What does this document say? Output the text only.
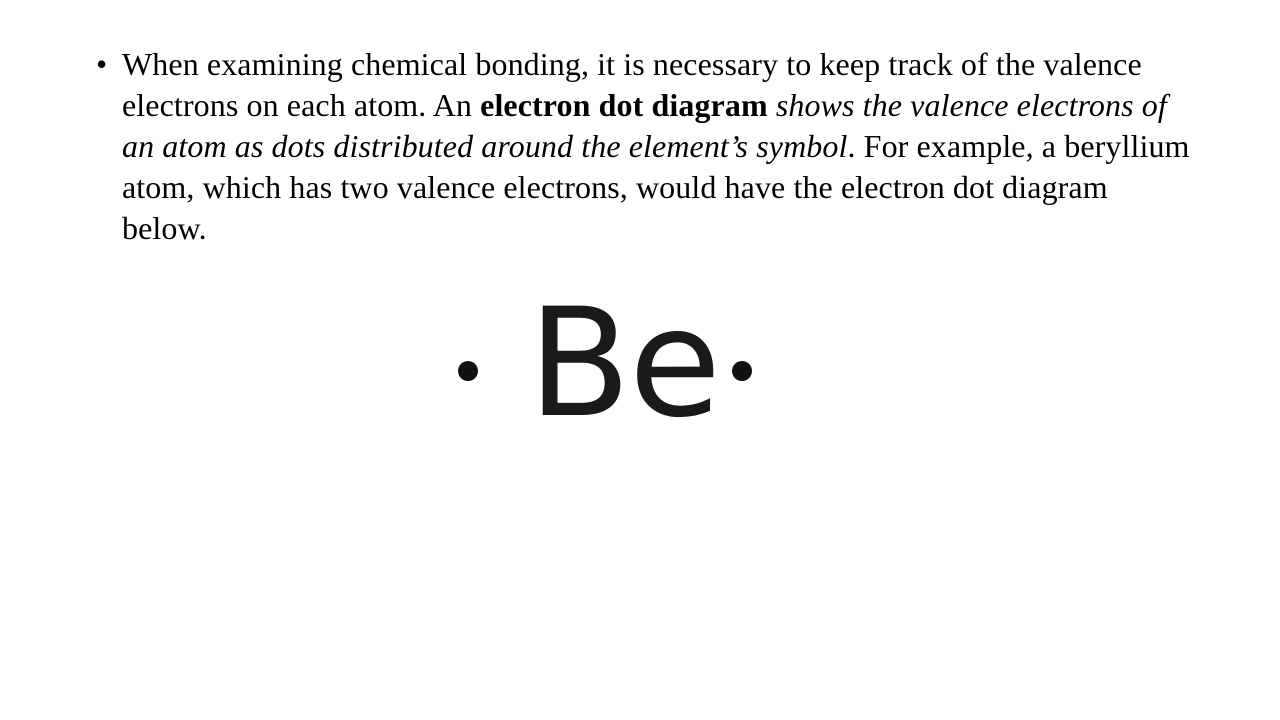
• When examining chemical bonding, it is necessary to keep track of the valence electrons on each atom. An electron dot diagram shows the valence electrons of an atom as dots distributed around the element’s symbol. For example, a beryllium atom, which has two valence electrons, would have the electron dot diagram below.
Be
